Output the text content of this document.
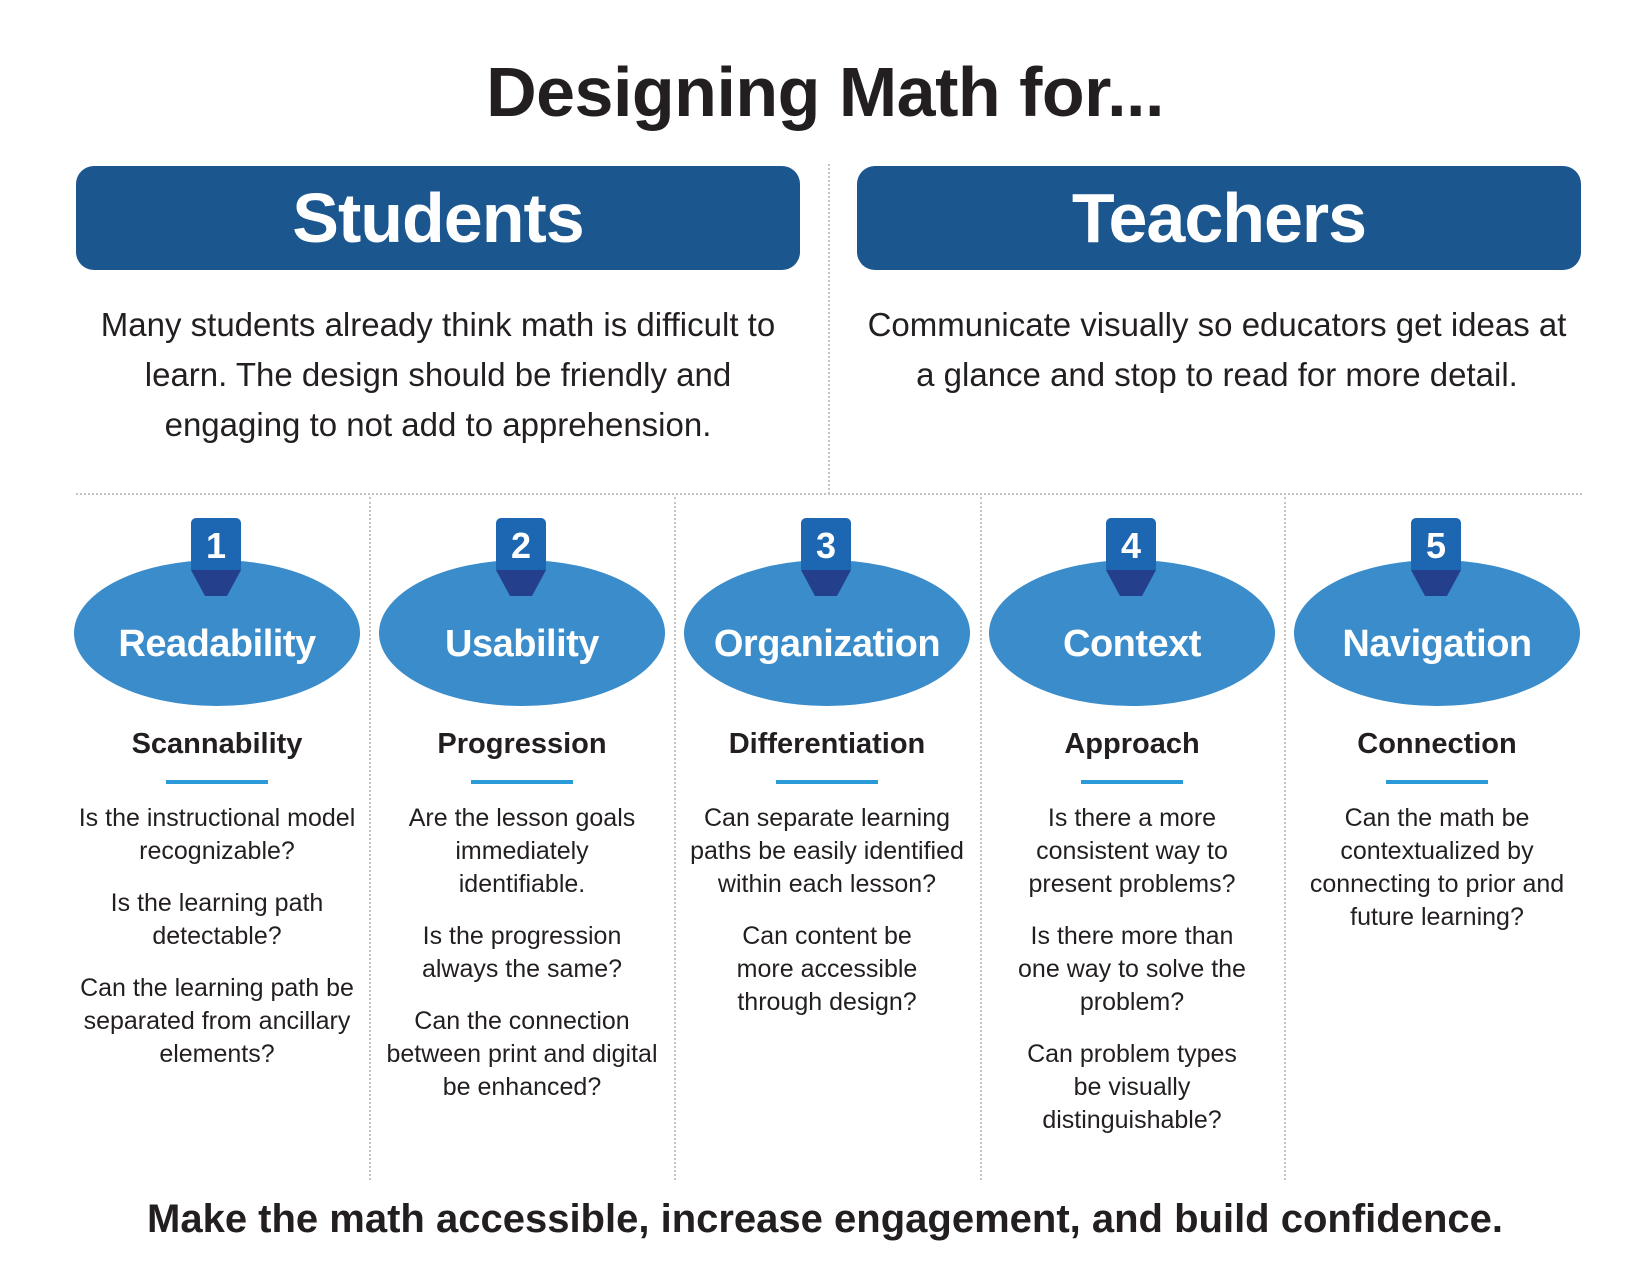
Designing Math for...
Students	Teachers

Many students already think math is difficult to learn. The design should be friendly and engaging to not add to apprehension.

Communicate visually so educators get ideas at a glance and stop to read for more detail.

Readability
1
Scannability

Is the instructional model recognizable?

Is the learning path detectable?

Can the learning path be separated from ancillary elements?

Usability
2
Progression

Are the lesson goals immediately identifiable.

Is the progression always the same?

Can the connection between print and digital be enhanced?

Organization
3
Differentiation

Can separate learning paths be easily identified within each lesson?

Can content be more accessible through design?

Context
4
Approach

Is there a more consistent way to present problems?

Is there more than one way to solve the problem?

Can problem types be visually distinguishable?

Navigation
5
Connection

Can the math be contextualized by connecting to prior and future learning?

Make the math accessible, increase engagement, and build confidence.
